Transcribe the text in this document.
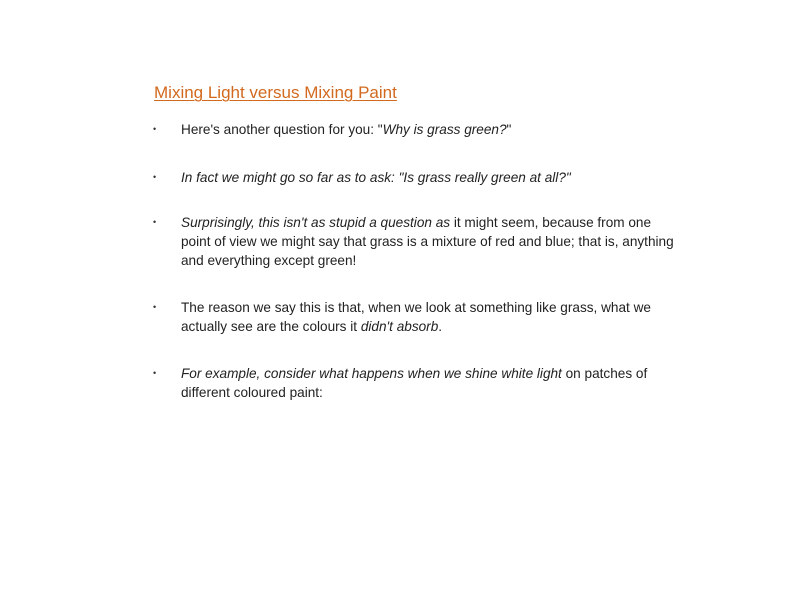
Mixing Light versus Mixing Paint
• Here's another question for you: "Why is grass green?"
• In fact we might go so far as to ask: "Is grass really green at all?"
• Surprisingly, this isn't as stupid a question as it might seem, because from one point of view we might say that grass is a mixture of red and blue; that is, anything and everything except green!
• The reason we say this is that, when we look at something like grass, what we actually see are the colours it didn't absorb.
• For example, consider what happens when we shine white light on patches of different coloured paint:
